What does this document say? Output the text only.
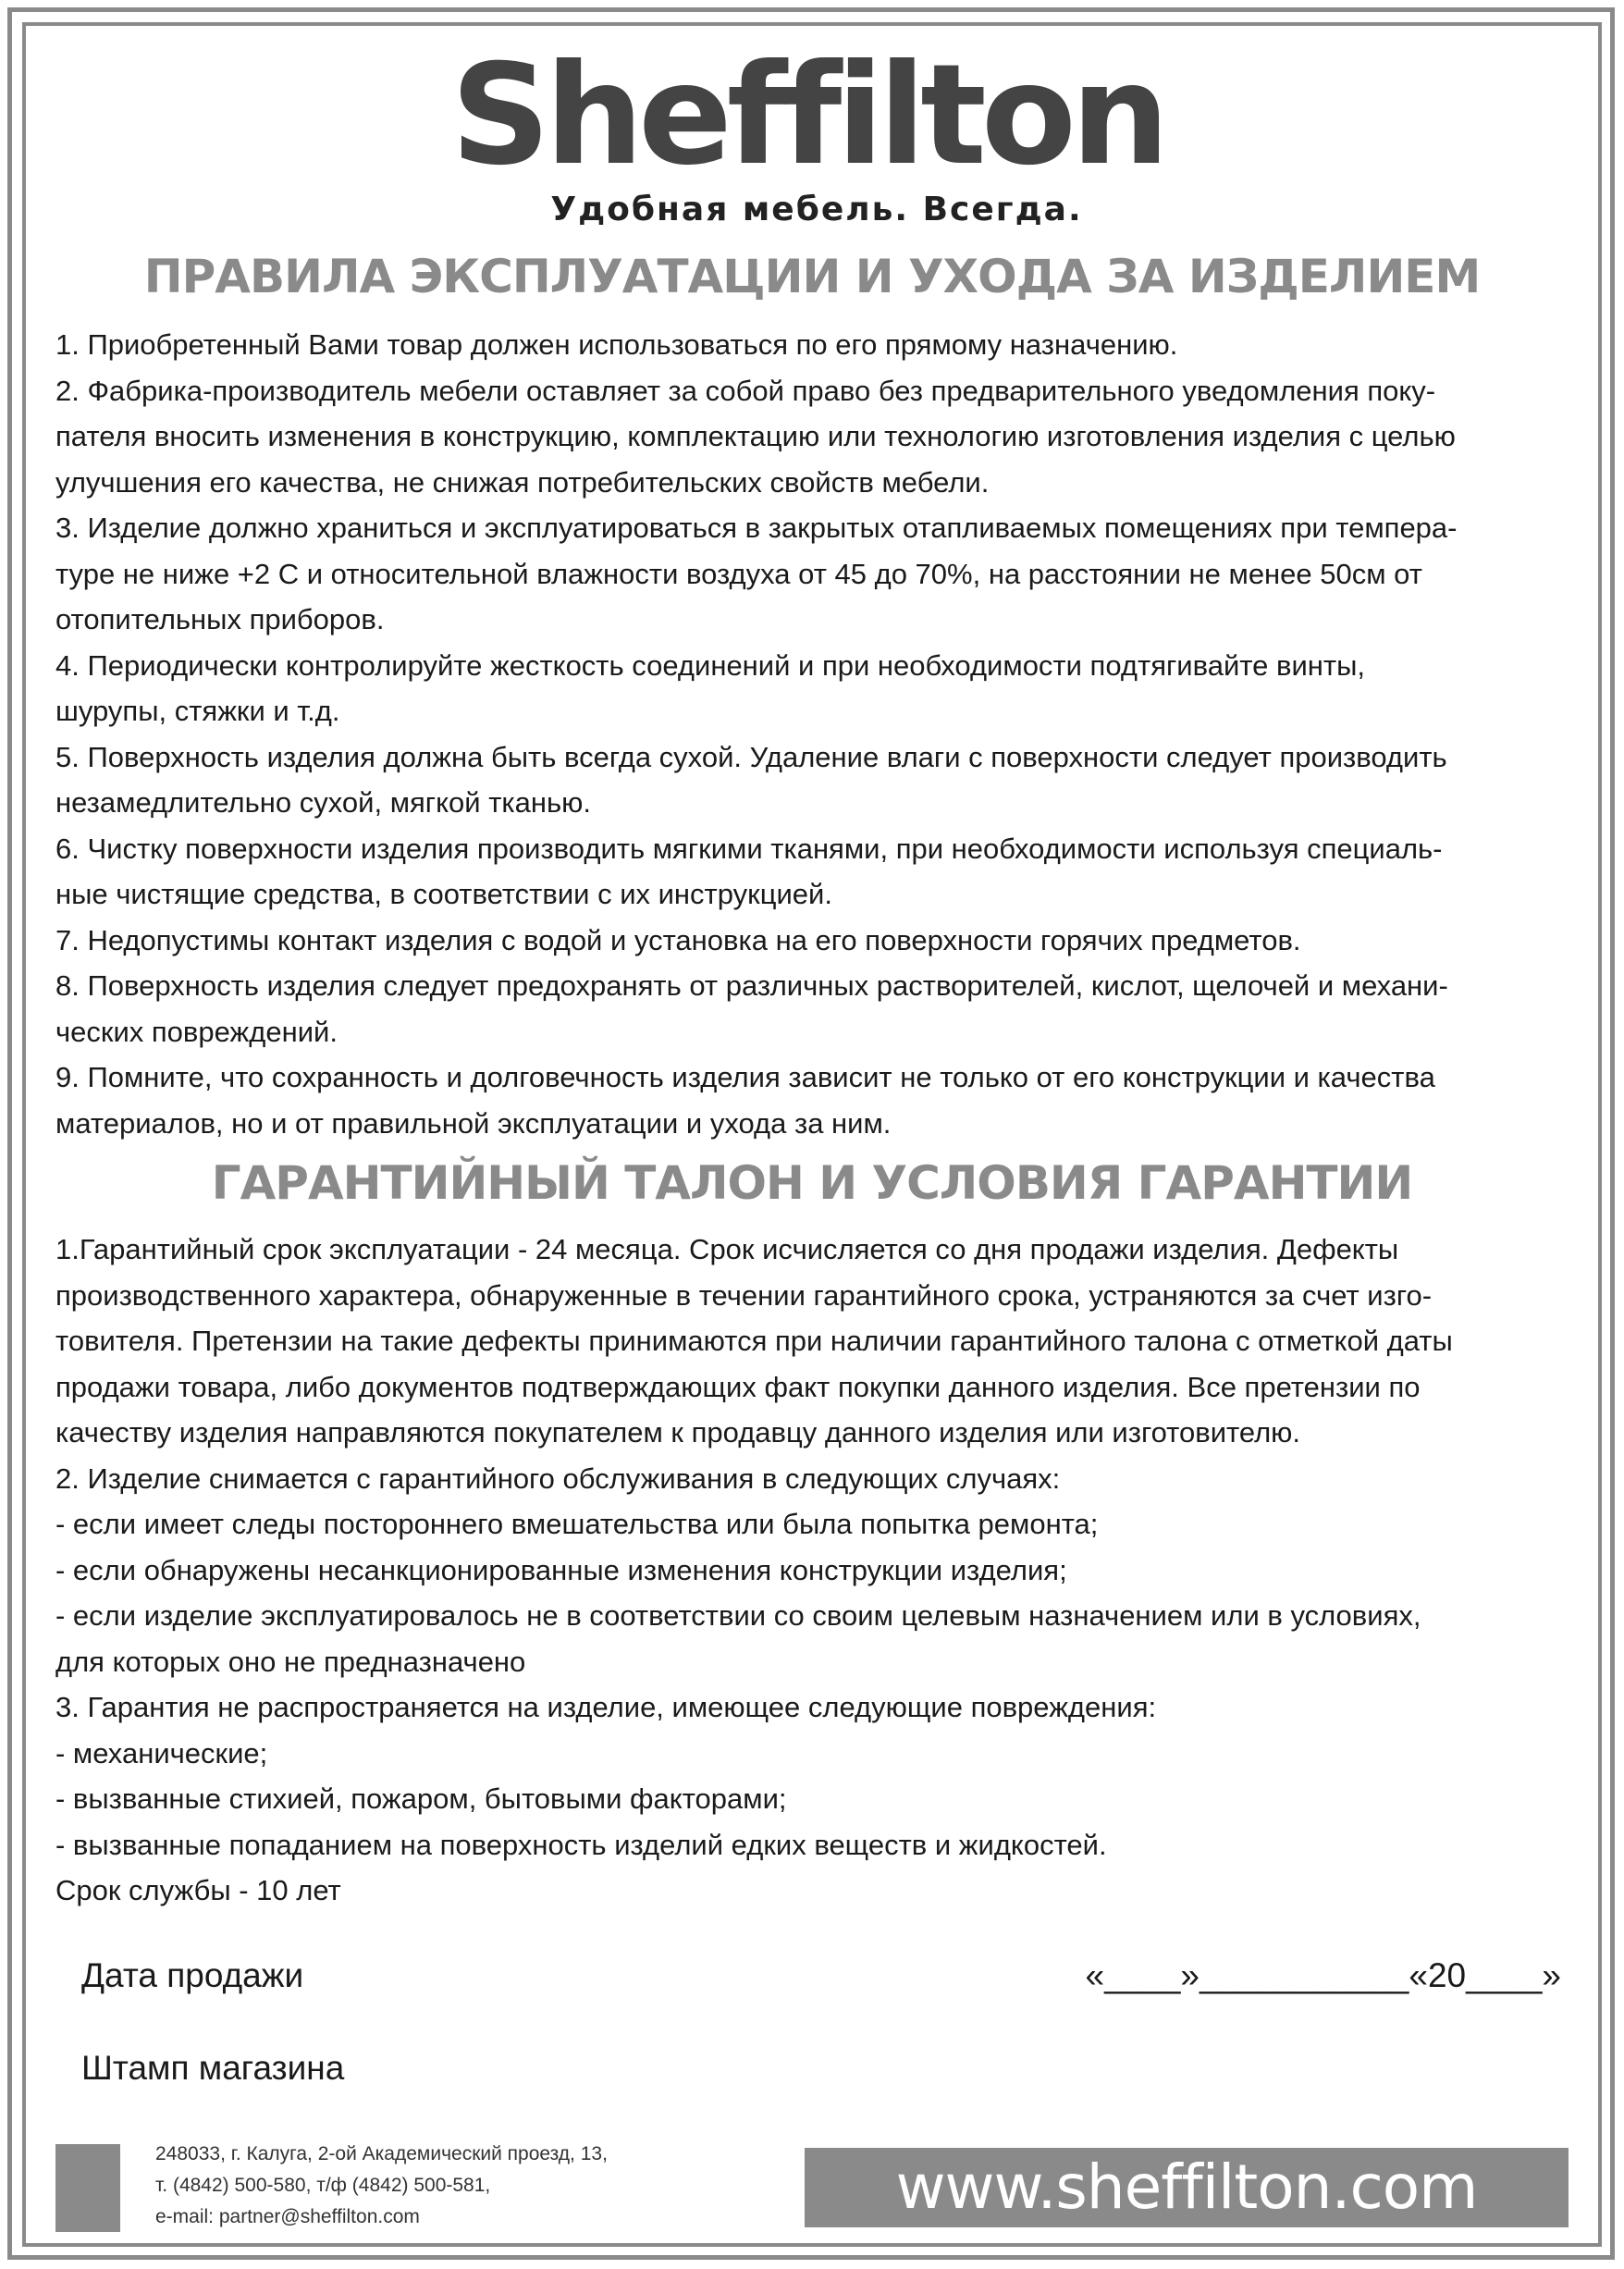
Sheffilton
Удобная мебель. Всегда.
ПРАВИЛА ЭКСПЛУАТАЦИИ И УХОДА ЗА ИЗДЕЛИЕМ

1. Приобретенный Вами товар должен использоваться по его прямому назначению.

2. Фабрика-производитель мебели оставляет за собой право без предварительного уведомления поку-

пателя вносить изменения в конструкцию, комплектацию или технологию изготовления изделия с целью

улучшения его качества, не снижая потребительских свойств мебели.

3. Изделие должно храниться и эксплуатироваться в закрытых отапливаемых помещениях при темпера-

туре не ниже +2 С и относительной влажности воздуха от 45 до 70%, на расстоянии не менее 50см от

отопительных приборов.

4. Периодически контролируйте жесткость соединений и при необходимости подтягивайте винты,

шурупы, стяжки и т.д.

5. Поверхность изделия должна быть всегда сухой. Удаление влаги с поверхности следует производить

незамедлительно сухой, мягкой тканью.

6. Чистку поверхности изделия производить мягкими тканями, при необходимости используя специаль-

ные чистящие средства, в соответствии с их инструкцией.

7. Недопустимы контакт изделия с водой и установка на его поверхности горячих предметов.

8. Поверхность изделия следует предохранять от различных растворителей, кислот, щелочей и механи-

ческих повреждений.

9. Помните, что сохранность и долговечность изделия зависит не только от его конструкции и качества

материалов, но и от правильной эксплуатации и ухода за ним.

ГАРАНТИЙНЫЙ ТАЛОН И УСЛОВИЯ ГАРАНТИИ

1.Гарантийный срок эксплуатации - 24 месяца. Срок исчисляется со дня продажи изделия. Дефекты

производственного характера, обнаруженные в течении гарантийного срока, устраняются за счет изго-

товителя. Претензии на такие дефекты принимаются при наличии гарантийного талона с отметкой даты

продажи товара, либо документов подтверждающих факт покупки данного изделия. Все претензии по

качеству изделия направляются покупателем к продавцу данного изделия или изготовителю.

2. Изделие снимается с гарантийного обслуживания в следующих случаях:

- если имеет следы постороннего вмешательства или была попытка ремонта;

- если обнаружены несанкционированные изменения конструкции изделия;

- если изделие эксплуатировалось не в соответствии со своим целевым назначением или в условиях,

для которых оно не предназначено

3. Гарантия не распространяется на изделие, имеющее следующие повреждения:

- механические;

- вызванные стихией, пожаром, бытовыми факторами;

- вызванные попаданием на поверхность изделий едких веществ и жидкостей.

Срок службы - 10 лет

Дата продажи	«____»___________«20____»
Штамп магазина
248033, г. Калуга, 2-ой Академический проезд, 13,
т. (4842) 500-580, т/ф (4842) 500-581,
e-mail: partner@sheffilton.com	www.sheffilton.com
